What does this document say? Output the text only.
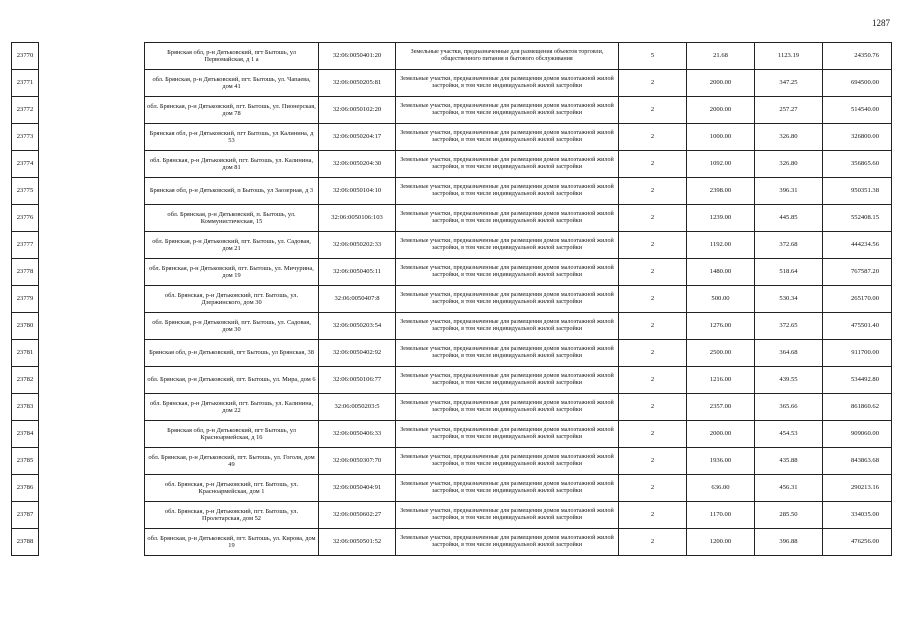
1287
23770		Брянская обл, р-н Дятьковский, пгт Бытошь, ул Первомайская, д 1 а	32:06:0050401:20	Земельные участки, предназначенные для размещения объектов торговли, общественного питания и бытового обслуживания	5	21.68	1123.19	24350.76
23771		обл. Брянская, р-н Дятьковский, пгт. Бытошь, ул. Чапаева, дом 41	32:06:0050205:81	Земельные участки, предназначенные для размещения домов малоэтажной жилой застройки, в том числе индивидуальной жилой застройки	2	2000.00	347.25	694500.00
23772		обл. Брянская, р-н Дятьковский, пгт. Бытошь, ул. Пионерская, дом 78	32:06:0050102:20	Земельные участки, предназначенные для размещения домов малоэтажной жилой застройки, в том числе индивидуальной жилой застройки	2	2000.00	257.27	514540.00
23773		Брянская обл, р-н Дятьковский, пгт Бытошь, ул Калинина, д 53	32:06:0050204:17	Земельные участки, предназначенные для размещения домов малоэтажной жилой застройки, в том числе индивидуальной жилой застройки	2	1000.00	326.80	326800.00
23774		обл. Брянская, р-н Дятьковский, пгт. Бытошь, ул. Калинина, дом 81	32:06:0050204:30	Земельные участки, предназначенные для размещения домов малоэтажной жилой застройки, в том числе индивидуальной жилой застройки	2	1092.00	326.80	356865.60
23775		Брянская обл, р-н Дятьковский, п Бытошь, ул Заозерная, д 3	32:06:0050104:10	Земельные участки, предназначенные для размещения домов малоэтажной жилой застройки, в том числе индивидуальной жилой застройки	2	2398.00	396.31	950351.38
23776		обл. Брянская, р-н Дятьковский, п. Бытошь, ул. Коммунистическая, 15	32:06:0050106:103	Земельные участки, предназначенные для размещения домов малоэтажной жилой застройки, в том числе индивидуальной жилой застройки	2	1239.00	445.85	552408.15
23777		обл. Брянская, р-н Дятьковский, пгт. Бытошь, ул. Садовая, дом 21	32:06:0050202:33	Земельные участки, предназначенные для размещения домов малоэтажной жилой застройки, в том числе индивидуальной жилой застройки	2	1192.00	372.68	444234.56
23778		обл. Брянская, р-н Дятьковский, пгт. Бытошь, ул. Мичурина, дом 19	32:06:0050405:11	Земельные участки, предназначенные для размещения домов малоэтажной жилой застройки, в том числе индивидуальной жилой застройки	2	1480.00	518.64	767587.20
23779		обл. Брянская, р-н Дятьковский, пгт. Бытошь, ул. Дзержинского, дом 30	32:06:0050407:8	Земельные участки, предназначенные для размещения домов малоэтажной жилой застройки, в том числе индивидуальной жилой застройки	2	500.00	530.34	265170.00
23780		обл. Брянская, р-н Дятьковский, пгт. Бытошь, ул. Садовая, дом 30	32:06:0050203:54	Земельные участки, предназначенные для размещения домов малоэтажной жилой застройки, в том числе индивидуальной жилой застройки	2	1276.00	372.65	475501.40
23781		Брянская обл, р-н Дятьковский, пгт Бытошь, ул Брянская, 38	32:06:0050402:92	Земельные участки, предназначенные для размещения домов малоэтажной жилой застройки, в том числе индивидуальной жилой застройки	2	2500.00	364.68	911700.00
23782		обл. Брянская, р-н Дятьковский, пгт. Бытошь, ул. Мира, дом 6	32:06:0050106:77	Земельные участки, предназначенные для размещения домов малоэтажной жилой застройки, в том числе индивидуальной жилой застройки	2	1216.00	439.55	534492.80
23783		обл. Брянская, р-н Дятьковский, пгт. Бытошь, ул. Калинина, дом 22	32:06:0050203:5	Земельные участки, предназначенные для размещения домов малоэтажной жилой застройки, в том числе индивидуальной жилой застройки	2	2357.00	365.66	861860.62
23784		Брянская обл, р-н Дятьковский, пгт Бытошь, ул Красноармейская, д 16	32:06:0050406:33	Земельные участки, предназначенные для размещения домов малоэтажной жилой застройки, в том числе индивидуальной жилой застройки	2	2000.00	454.53	909060.00
23785		обл. Брянская, р-н Дятьковский, пгт. Бытошь, ул. Гоголя, дом 49	32:06:0050307:70	Земельные участки, предназначенные для размещения домов малоэтажной жилой застройки, в том числе индивидуальной жилой застройки	2	1936.00	435.88	843863.68
23786		обл. Брянская, р-н Дятьковский, пгт. Бытошь, ул. Красноармейская, дом 1	32:06:0050404:91	Земельные участки, предназначенные для размещения домов малоэтажной жилой застройки, в том числе индивидуальной жилой застройки	2	636.00	456.31	290213.16
23787		обл. Брянская, р-н Дятьковский, пгт. Бытошь, ул. Пролетарская, дом 52	32:06:0050602:27	Земельные участки, предназначенные для размещения домов малоэтажной жилой застройки, в том числе индивидуальной жилой застройки	2	1170.00	285.50	334035.00
23788		обл. Брянская, р-н Дятьковский, пгт. Бытошь, ул. Кирова, дом 19	32:06:0050501:52	Земельные участки, предназначенные для размещения домов малоэтажной жилой застройки, в том числе индивидуальной жилой застройки	2	1200.00	396.88	476256.00
